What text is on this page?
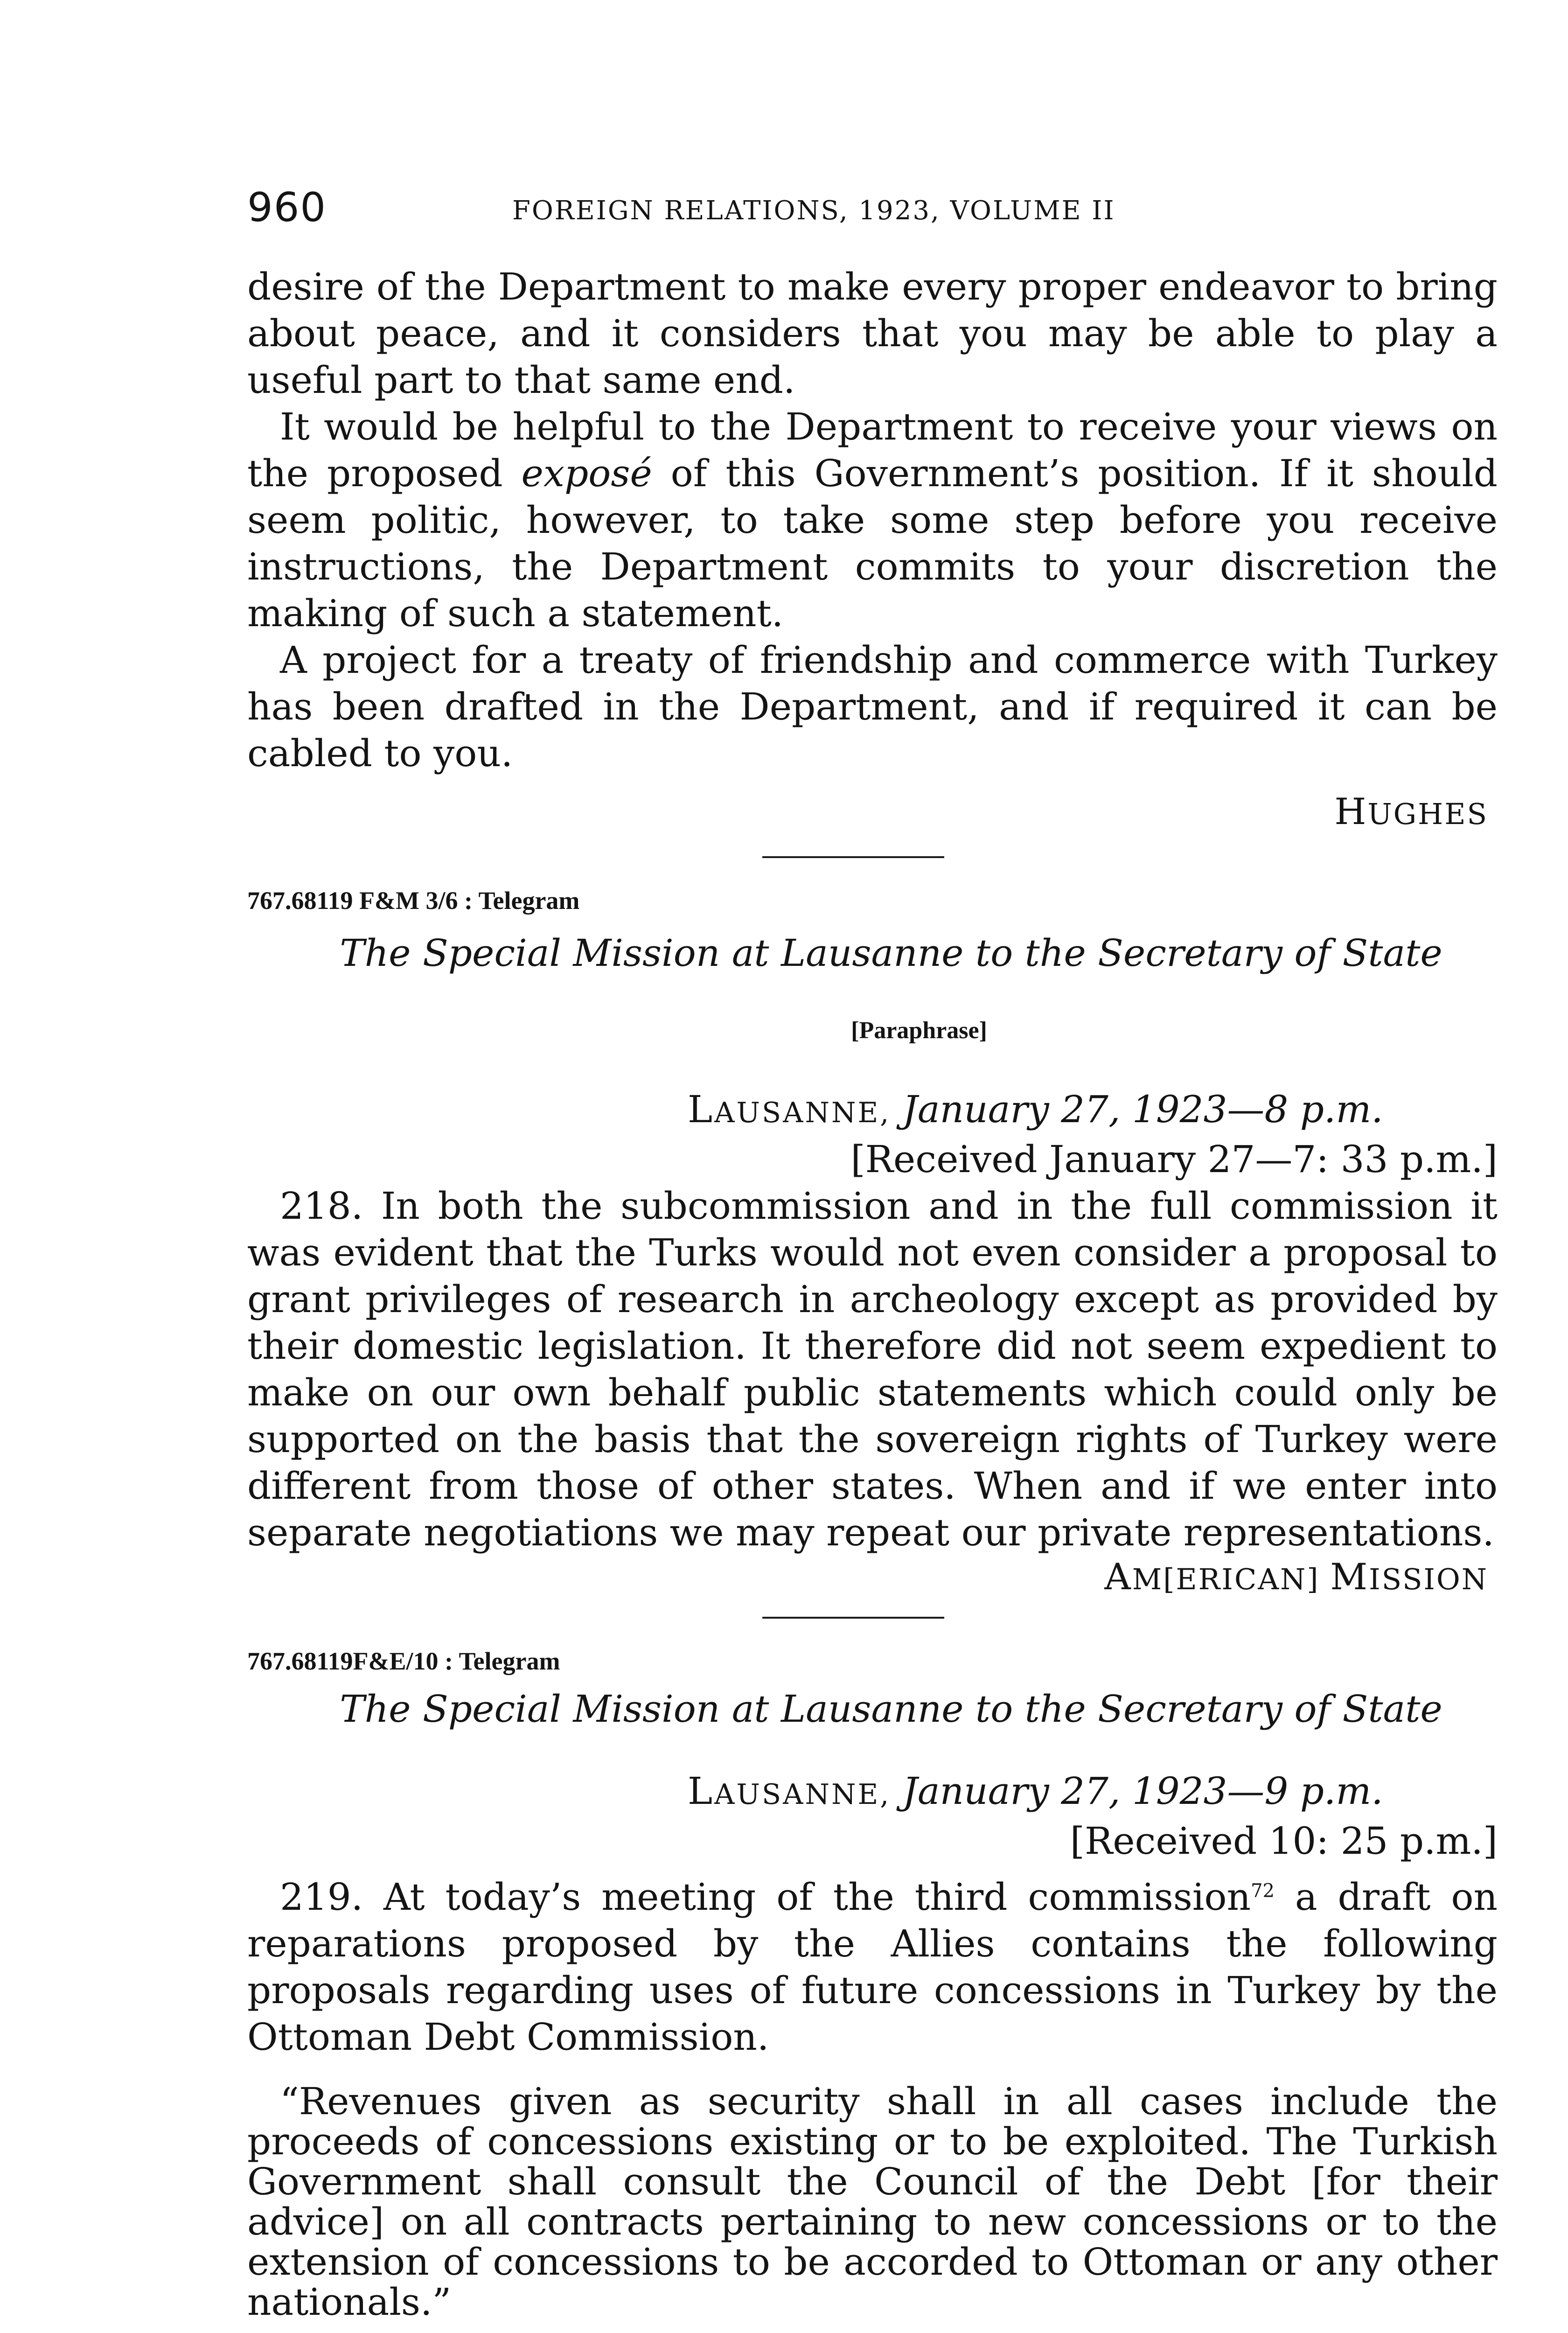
960	FOREIGN RELATIONS, 1923, VOLUME II

desire of the Department to make every proper endeavor to bring about peace, and it considers that you may be able to play a useful part to that same end.

It would be helpful to the Department to receive your views on the proposed exposé of this Government’s position. If it should seem politic, however, to take some step before you receive instructions, the Department commits to your discretion the making of such a statement.

A project for a treaty of friendship and commerce with Turkey has been drafted in the Department, and if required it can be cabled to you.

HUGHES

767.68119 F&M 3/6 : Telegram

The Special Mission at Lausanne to the Secretary of State

[Paraphrase]

LAUSANNE, January 27, 1923—8 p.m.

[Received January 27—7: 33 p.m.]

218. In both the subcommission and in the full commission it was evident that the Turks would not even consider a proposal to grant privileges of research in archeology except as provided by their domestic legislation. It therefore did not seem expedient to make on our own behalf public statements which could only be supported on the basis that the sovereign rights of Turkey were different from those of other states. When and if we enter into separate negotiations we may repeat our private representations.

AM[ERICAN] MISSION

767.68119F&E/10 : Telegram

The Special Mission at Lausanne to the Secretary of State

LAUSANNE, January 27, 1923—9 p.m.

[Received 10: 25 p.m.]

219. At today’s meeting of the third commission$^{72}$ a draft on reparations proposed by the Allies contains the following proposals regarding uses of future concessions in Turkey by the Ottoman Debt Commission.

“Revenues given as security shall in all cases include the proceeds of concessions existing or to be exploited. The Turkish Government shall consult the Council of the Debt [for their advice] on all contracts pertaining to new concessions or to the extension of concessions to be accorded to Ottoman or any other nationals.”
